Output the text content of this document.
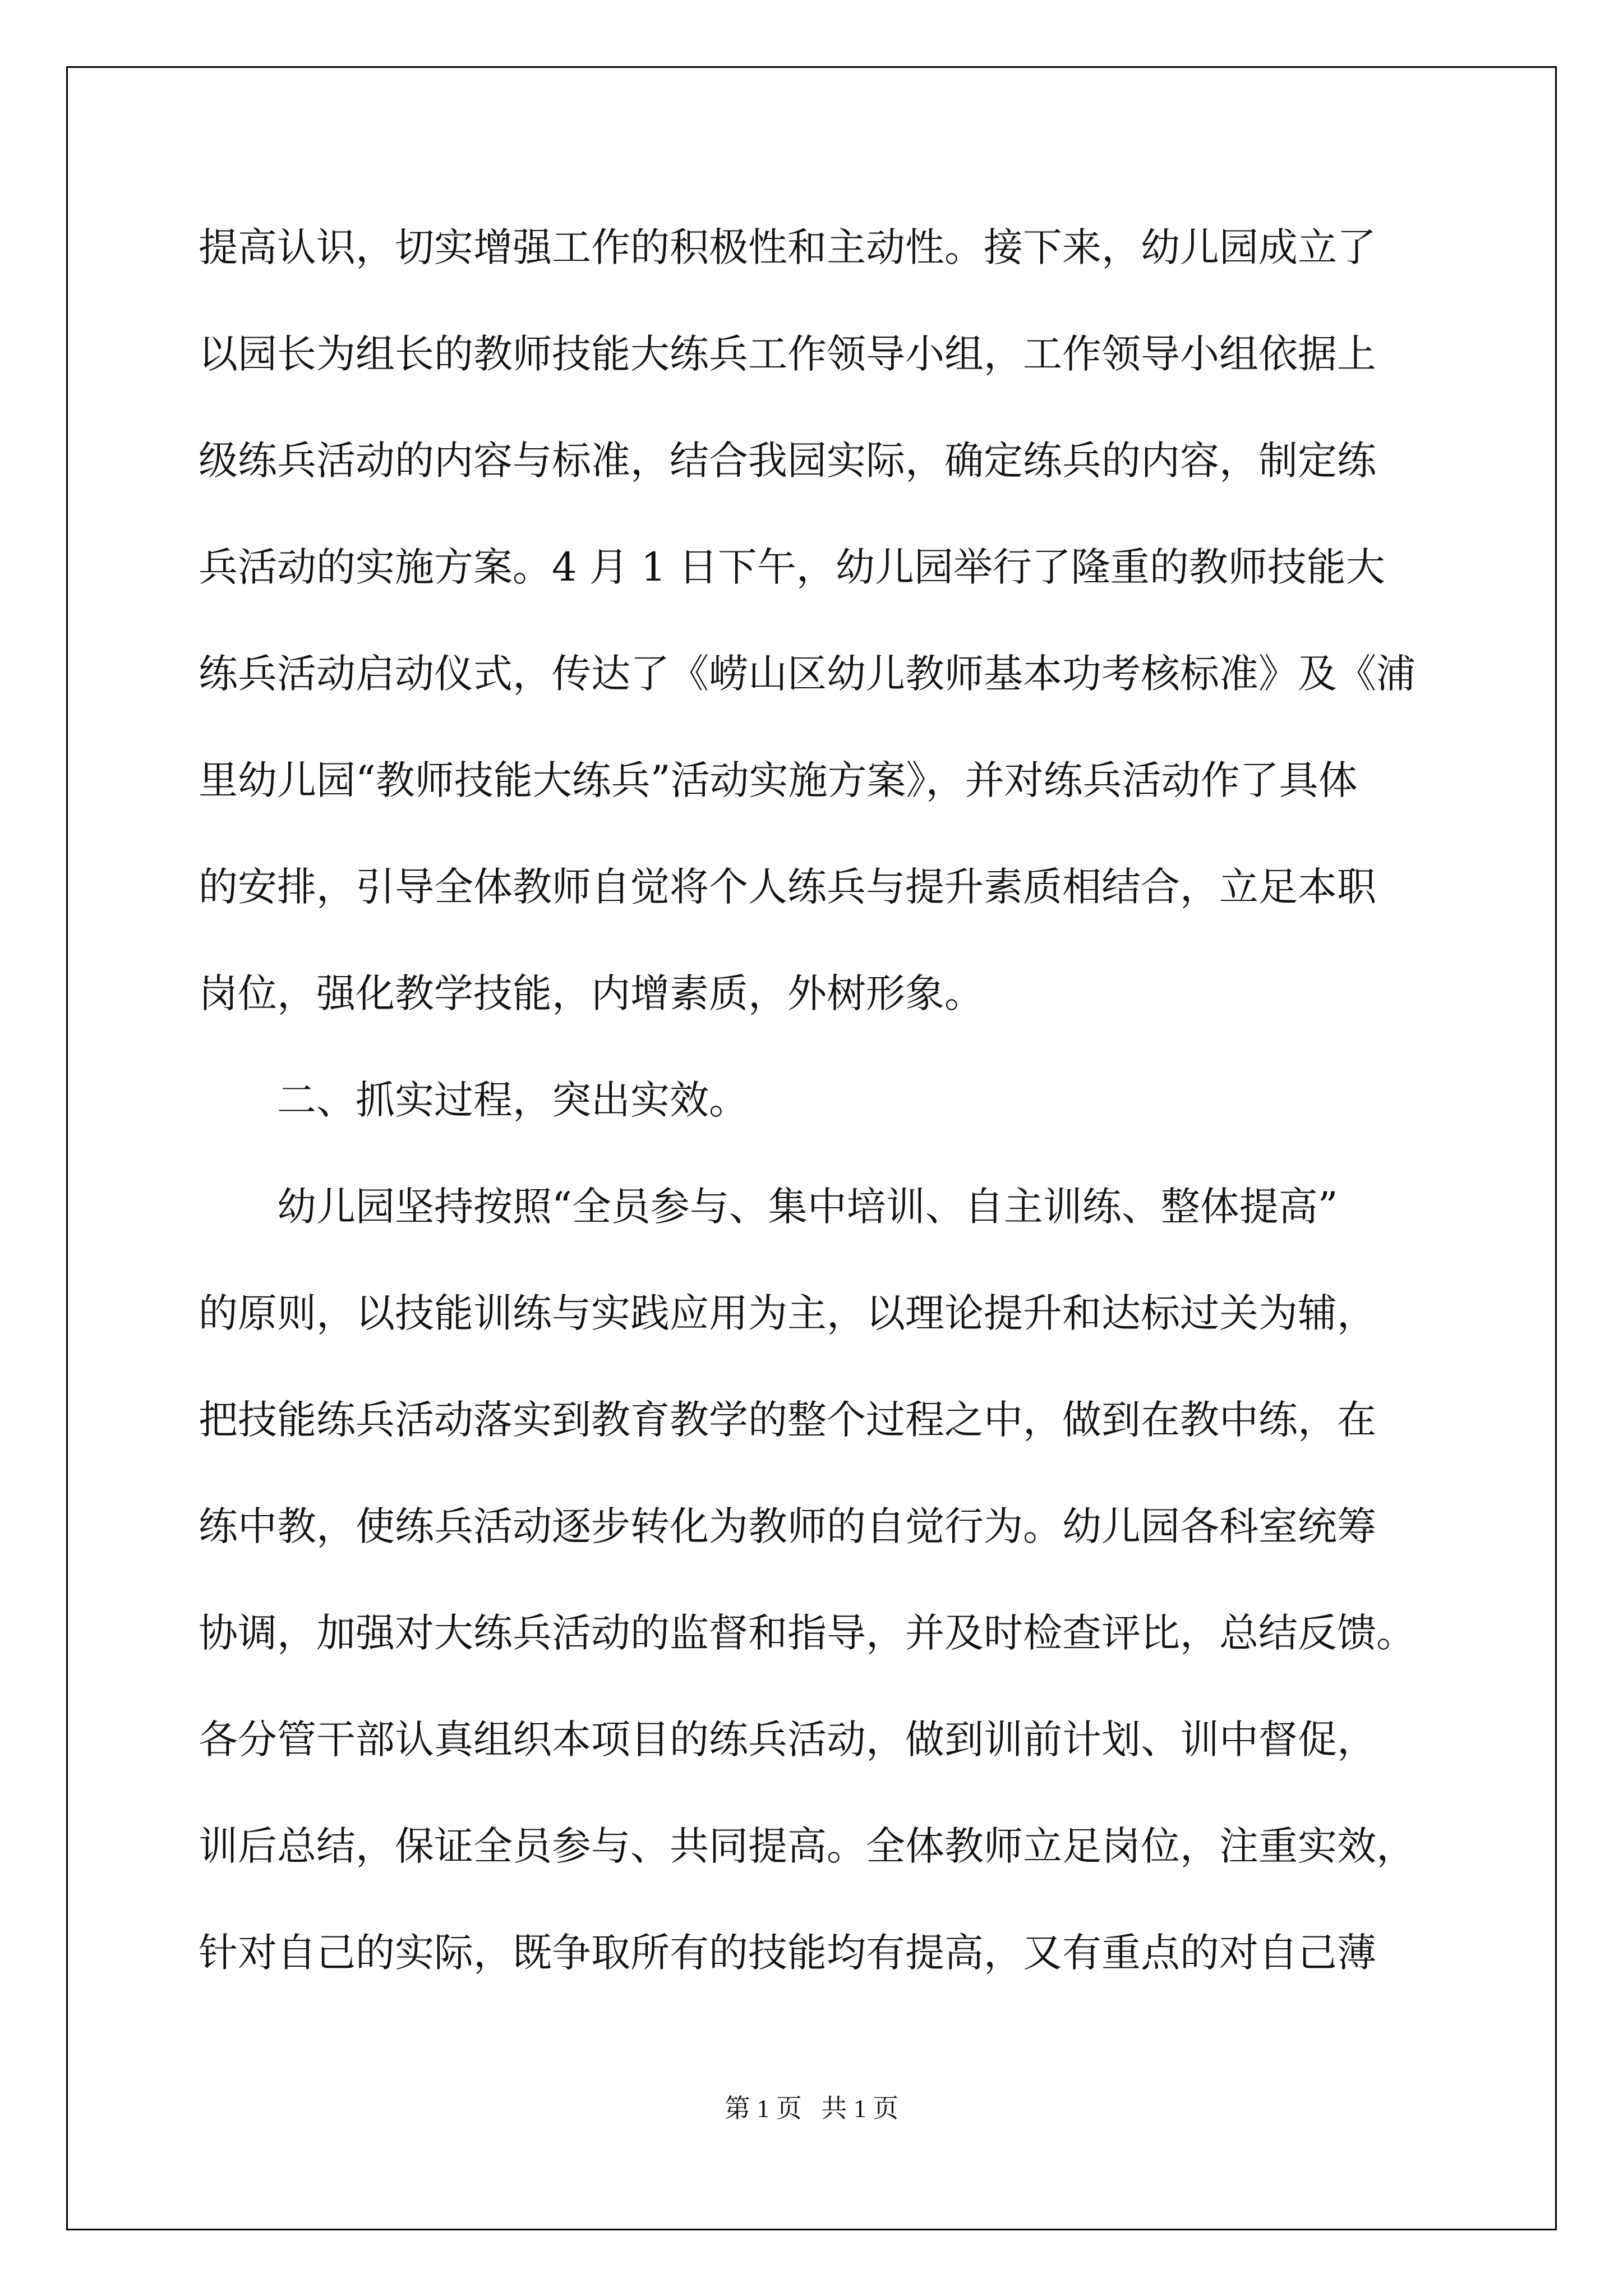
提高认识，切实增强工作的积极性和主动性。接下来，幼儿园成立了
以园长为组长的教师技能大练兵工作领导小组，工作领导小组依据上
级练兵活动的内容与标准，结合我园实际，确定练兵的内容，制定练
兵活动的实施方案。4 月 1 日下午，幼儿园举行了隆重的教师技能大
练兵活动启动仪式，传达了《崂山区幼儿教师基本功考核标准》及《浦
里幼儿园“教师技能大练兵”活动实施方案》，并对练兵活动作了具体
的安排，引导全体教师自觉将个人练兵与提升素质相结合，立足本职
岗位，强化教学技能，内增素质，外树形象。
二、抓实过程，突出实效。
幼儿园坚持按照“全员参与、集中培训、自主训练、整体提高”
的原则，以技能训练与实践应用为主，以理论提升和达标过关为辅，
把技能练兵活动落实到教育教学的整个过程之中，做到在教中练，在
练中教，使练兵活动逐步转化为教师的自觉行为。幼儿园各科室统筹
协调，加强对大练兵活动的监督和指导，并及时检查评比，总结反馈。
各分管干部认真组织本项目的练兵活动，做到训前计划、训中督促，
训后总结，保证全员参与、共同提高。全体教师立足岗位，注重实效，
针对自己的实际，既争取所有的技能均有提高，又有重点的对自己薄
第 1 页   共 1 页
